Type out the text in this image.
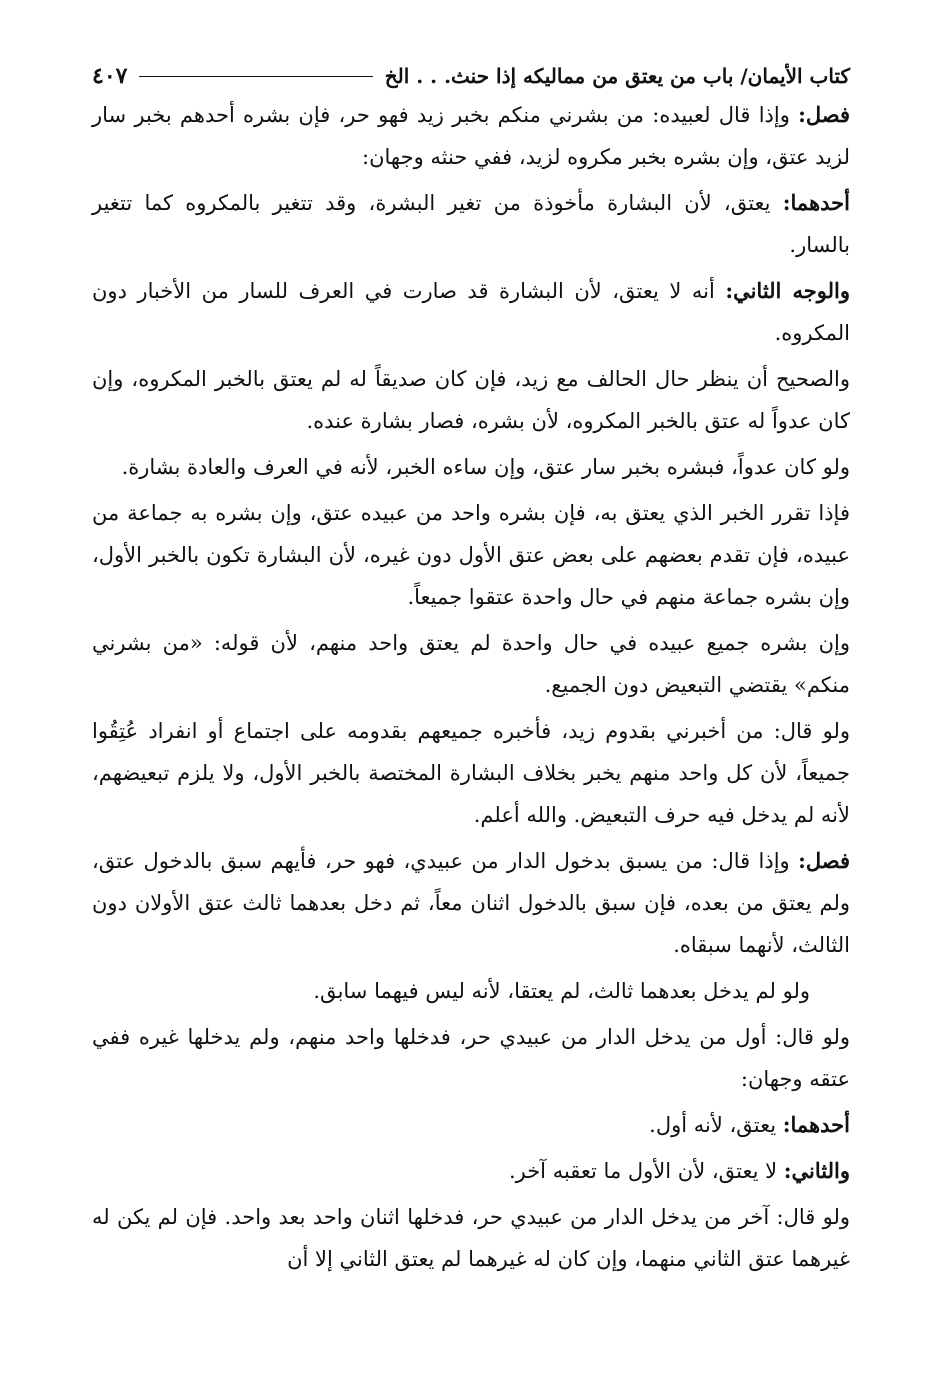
كتاب الأيمان/ باب من يعتق من مماليكه إذا حنث. . . الخ
٤٠٧

فصل: وإذا قال لعبيده: من بشرني منكم بخبر زيد فهو حر، فإن بشره أحدهم بخبر سار لزيد عتق، وإن بشره بخبر مكروه لزيد، ففي حنثه وجهان:

أحدهما: يعتق، لأن البشارة مأخوذة من تغير البشرة، وقد تتغير بالمكروه كما تتغير بالسار.

والوجه الثاني: أنه لا يعتق، لأن البشارة قد صارت في العرف للسار من الأخبار دون المكروه.

والصحيح أن ينظر حال الحالف مع زيد، فإن كان صديقاً له لم يعتق بالخبر المكروه، وإن كان عدواً له عتق بالخبر المكروه، لأن بشره، فصار بشارة عنده.

ولو كان عدواً، فبشره بخبر سار عتق، وإن ساءه الخبر، لأنه في العرف والعادة بشارة.

فإذا تقرر الخبر الذي يعتق به، فإن بشره واحد من عبيده عتق، وإن بشره به جماعة من عبيده، فإن تقدم بعضهم على بعض عتق الأول دون غيره، لأن البشارة تكون بالخبر الأول، وإن بشره جماعة منهم في حال واحدة عتقوا جميعاً.

وإن بشره جميع عبيده في حال واحدة لم يعتق واحد منهم، لأن قوله: «من بشرني منكم» يقتضي التبعيض دون الجميع.

ولو قال: من أخبرني بقدوم زيد، فأخبره جميعهم بقدومه على اجتماع أو انفراد عُتِقُوا جميعاً، لأن كل واحد منهم يخبر بخلاف البشارة المختصة بالخبر الأول، ولا يلزم تبعيضهم، لأنه لم يدخل فيه حرف التبعيض. والله أعلم.

فصل: وإذا قال: من يسبق بدخول الدار من عبيدي، فهو حر، فأيهم سبق بالدخول عتق، ولم يعتق من بعده، فإن سبق بالدخول اثنان معاً، ثم دخل بعدهما ثالث عتق الأولان دون الثالث، لأنهما سبقاه.

ولو لم يدخل بعدهما ثالث، لم يعتقا، لأنه ليس فيهما سابق.

ولو قال: أول من يدخل الدار من عبيدي حر، فدخلها واحد منهم، ولم يدخلها غيره ففي عتقه وجهان:

أحدهما: يعتق، لأنه أول.

والثاني: لا يعتق، لأن الأول ما تعقبه آخر.

ولو قال: آخر من يدخل الدار من عبيدي حر، فدخلها اثنان واحد بعد واحد. فإن لم يكن له غيرهما عتق الثاني منهما، وإن كان له غيرهما لم يعتق الثاني إلا أن
